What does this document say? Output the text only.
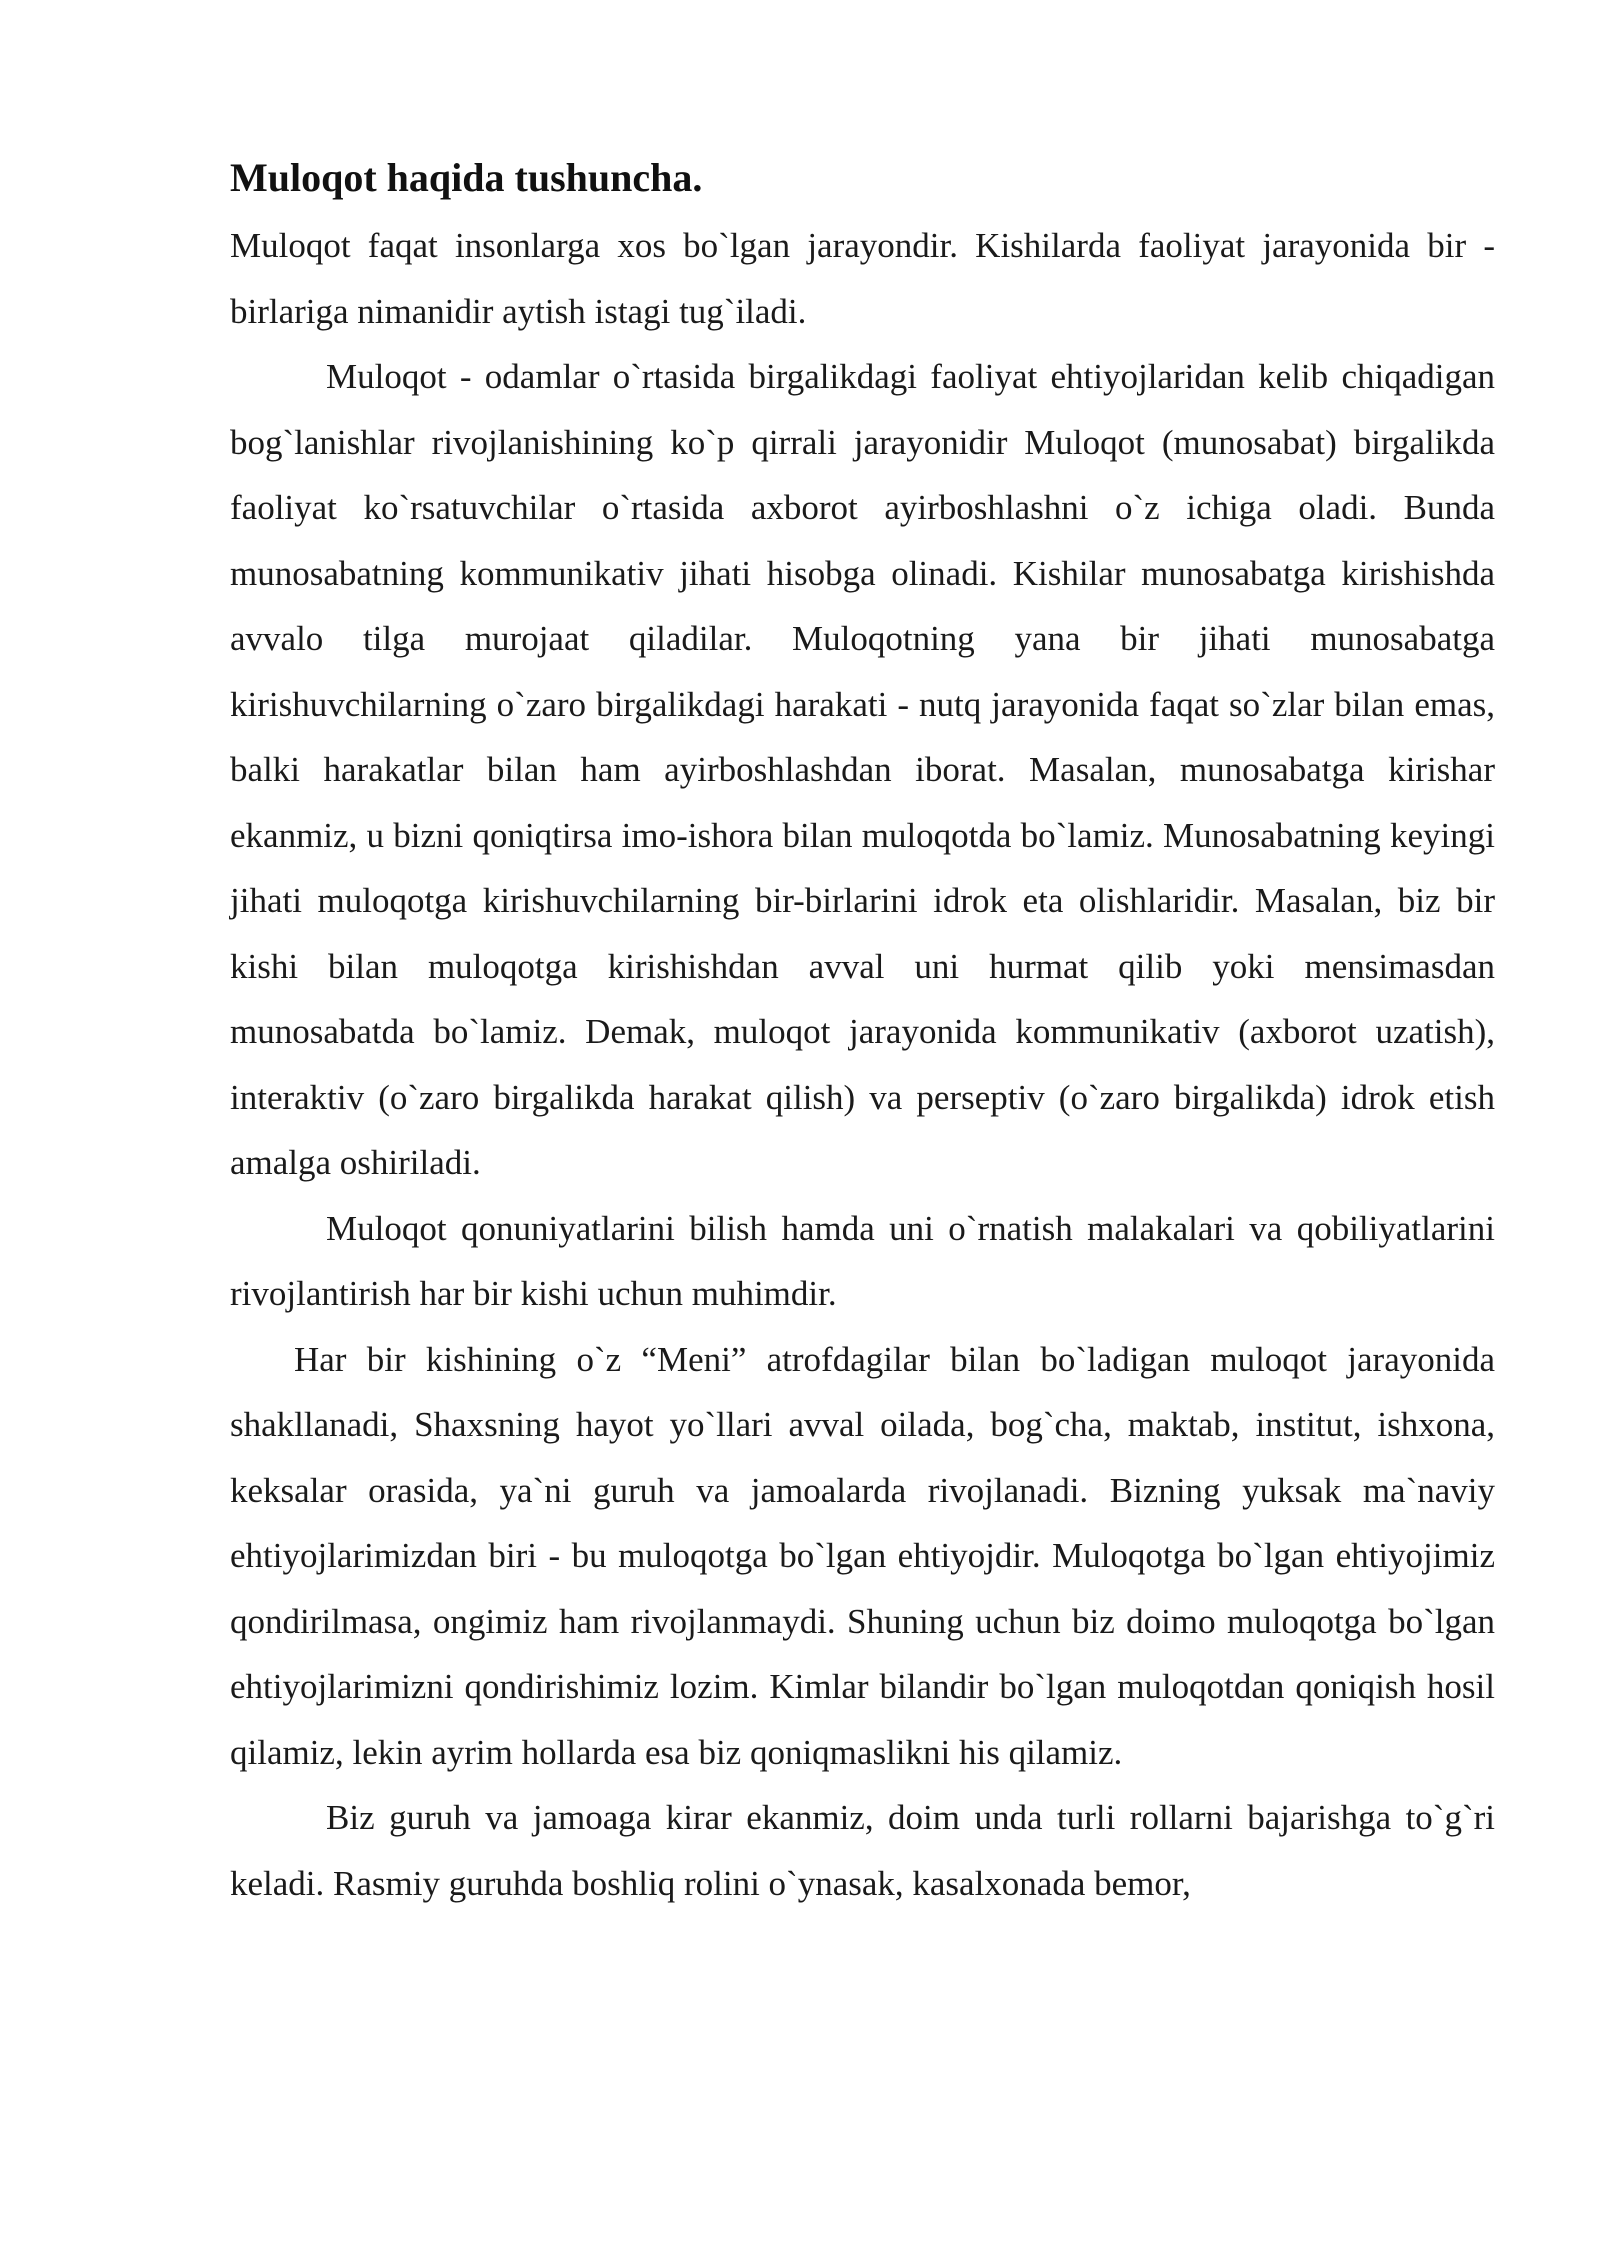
Muloqot haqida tushuncha.

Muloqot faqat insonlarga xos bo`lgan jarayondir. Kishilarda faoliyat jarayonida bir - birlariga nimanidir aytish istagi tug`iladi.

Muloqot - odamlar o`rtasida birgalikdagi faoliyat ehtiyojlaridan kelib chiqadigan bog`lanishlar rivojlanishining ko`p qirrali jarayonidir Muloqot (munosabat) birgalikda faoliyat ko`rsatuvchilar o`rtasida axborot ayirboshlashni o`z ichiga oladi. Bunda munosabatning kommunikativ jihati hisobga olinadi. Kishilar munosabatga kirishishda avvalo tilga murojaat qiladilar. Muloqotning yana bir jihati munosabatga kirishuvchilarning o`zaro birgalikdagi harakati - nutq jarayonida faqat so`zlar bilan emas, balki harakatlar bilan ham ayirboshlashdan iborat. Masalan, munosabatga kirishar ekanmiz, u bizni qoniqtirsa imo-ishora bilan muloqotda bo`lamiz. Munosabatning keyingi jihati muloqotga kirishuvchilarning bir-birlarini idrok eta olishlaridir. Masalan, biz bir kishi bilan muloqotga kirishishdan avval uni hurmat qilib yoki mensimasdan munosabatda bo`lamiz. Demak, muloqot jarayonida kommunikativ (axborot uzatish), interaktiv (o`zaro birgalikda harakat qilish) va perseptiv (o`zaro birgalikda) idrok etish amalga oshiriladi.

Muloqot qonuniyatlarini bilish hamda uni o`rnatish malakalari va qobiliyatlarini rivojlantirish har bir kishi uchun muhimdir.

Har bir kishining o`z “Meni” atrofdagilar bilan bo`ladigan muloqot jarayonida shakllanadi, Shaxsning hayot yo`llari avval oilada, bog`cha, maktab, institut, ishxona, keksalar orasida, ya`ni guruh va jamoalarda rivojlanadi. Bizning yuksak ma`naviy ehtiyojlarimizdan biri - bu muloqotga bo`lgan ehtiyojdir. Muloqotga bo`lgan ehtiyojimiz qondirilmasa, ongimiz ham rivojlanmaydi. Shuning uchun biz doimo muloqotga bo`lgan ehtiyojlarimizni qondirishimiz lozim. Kimlar bilandir bo`lgan muloqotdan qoniqish hosil qilamiz, lekin ayrim hollarda esa biz qoniqmaslikni his qilamiz.

Biz guruh va jamoaga kirar ekanmiz, doim unda turli rollarni bajarishga to`g`ri keladi. Rasmiy guruhda boshliq rolini o`ynasak, kasalxonada bemor,
